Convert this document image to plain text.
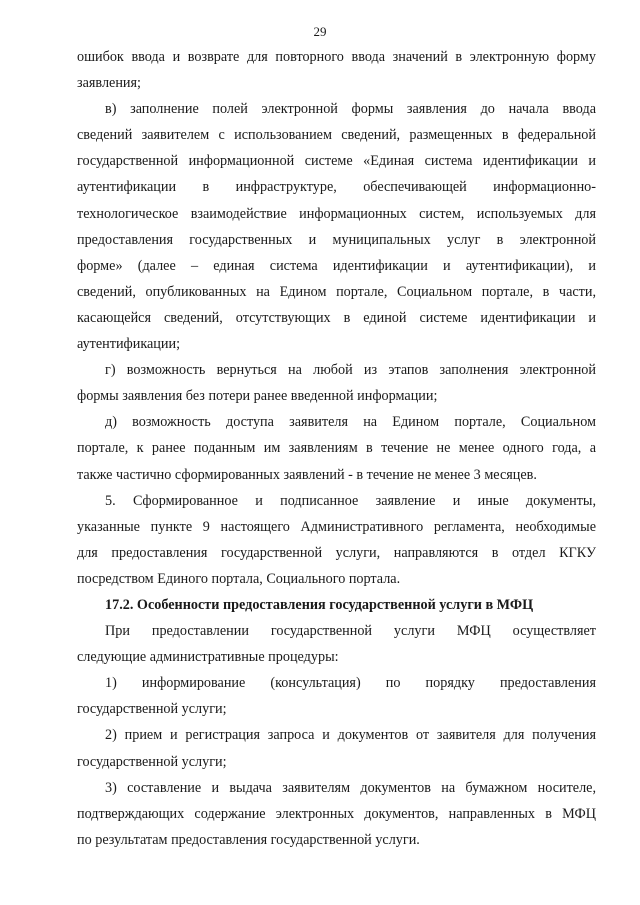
29
ошибок ввода и возврате для повторного ввода значений в электронную форму
заявления;
в) заполнение полей электронной формы заявления до начала ввода
сведений заявителем с использованием сведений, размещенных в федеральной
государственной информационной системе «Единая система идентификации и
аутентификации в инфраструктуре, обеспечивающей информационно-
технологическое взаимодействие информационных систем, используемых для
предоставления государственных и муниципальных услуг в электронной
форме» (далее – единая система идентификации и аутентификации), и
сведений, опубликованных на Едином портале, Социальном портале, в части,
касающейся сведений, отсутствующих в единой системе идентификации и
аутентификации;
г) возможность вернуться на любой из этапов заполнения электронной
формы заявления без потери ранее введенной информации;
д) возможность доступа заявителя на Едином портале, Социальном
портале, к ранее поданным им заявлениям в течение не менее одного года, а
также частично сформированных заявлений - в течение не менее 3 месяцев.
5. Сформированное и подписанное заявление и иные документы,
указанные пункте 9 настоящего Административного регламента, необходимые
для предоставления государственной услуги, направляются в отдел КГКУ
посредством Единого портала, Социального портала.
17.2. Особенности предоставления государственной услуги в МФЦ
При предоставлении государственной услуги МФЦ осуществляет
следующие административные процедуры:
1) информирование (консультация) по порядку предоставления
государственной услуги;
2) прием и регистрация запроса и документов от заявителя для получения
государственной услуги;
3) составление и выдача заявителям документов на бумажном носителе,
подтверждающих содержание электронных документов, направленных в МФЦ
по результатам предоставления государственной услуги.
